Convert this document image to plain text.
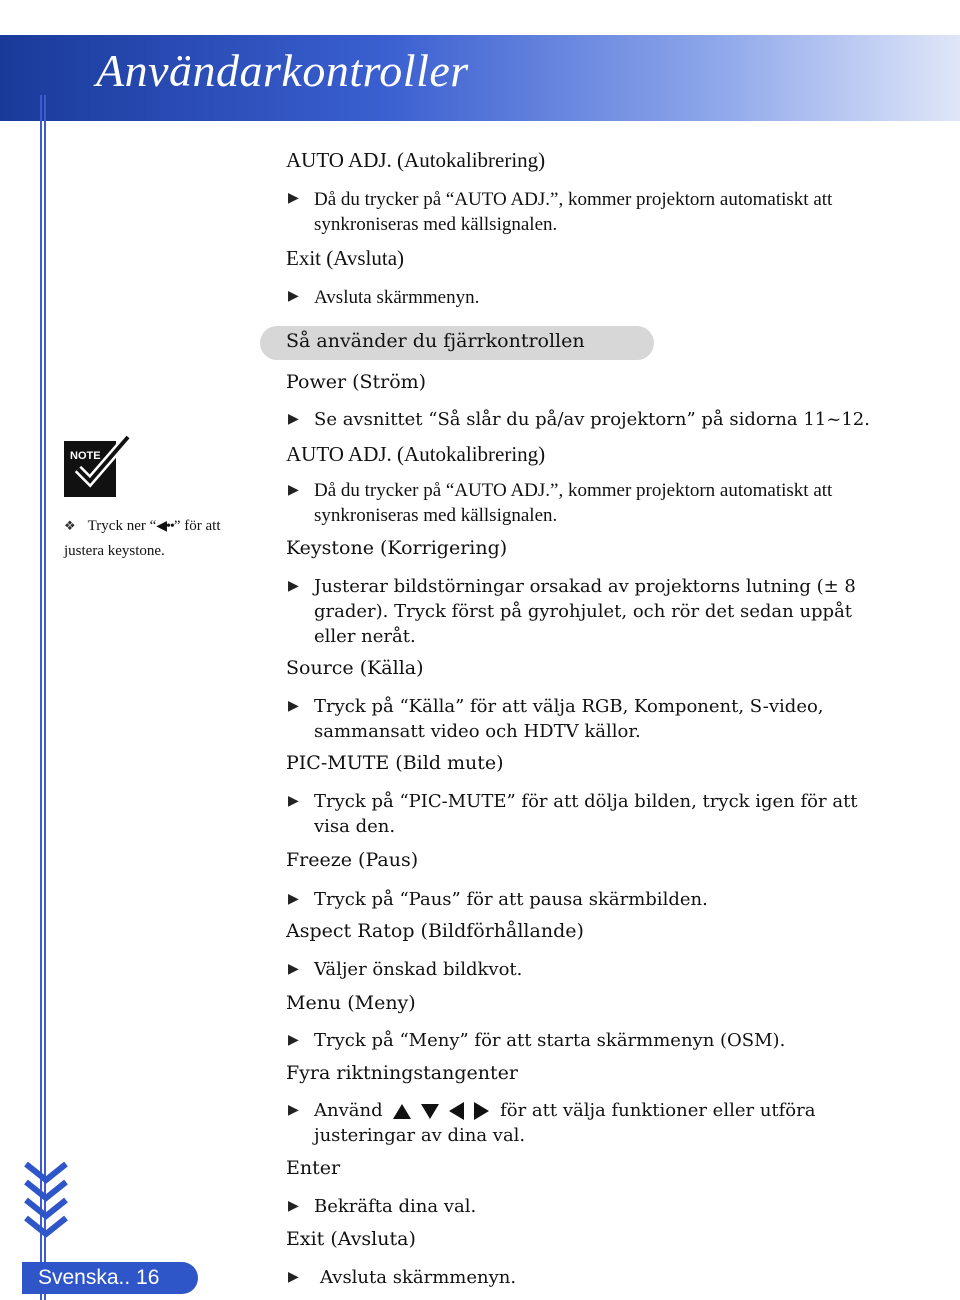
Användarkontroller
NOTE
❖ Tryck ner “◀••” för att justera keystone.
Svenska.. 16
AUTO ADJ. (Autokalibrering)
▶ Då du trycker på “AUTO ADJ.”, kommer projektorn automatiskt att synkroniseras med källsignalen.
Exit (Avsluta)
▶ Avsluta skärmmenyn.
Så använder du fjärrkontrollen
Power (Ström)
▶ Se avsnittet “Så slår du på/av projektorn” på sidorna 11~12.
AUTO ADJ. (Autokalibrering)
▶ Då du trycker på “AUTO ADJ.”, kommer projektorn automatiskt att synkroniseras med källsignalen.
Keystone (Korrigering)
▶ Justerar bildstörningar orsakad av projektorns lutning (± 8 grader). Tryck först på gyrohjulet, och rör det sedan uppåt eller neråt.
Source (Källa)
▶ Tryck på “Källa” för att välja RGB, Komponent, S-video, sammansatt video och HDTV källor.
PIC-MUTE (Bild mute)
▶ Tryck på “PIC-MUTE” för att dölja bilden, tryck igen för att visa den.
Freeze (Paus)
▶ Tryck på “Paus” för att pausa skärmbilden.
Aspect Ratop (Bildförhållande)
▶ Väljer önskad bildkvot.
Menu (Meny)
▶ Tryck på “Meny” för att starta skärmmenyn (OSM).
Fyra riktningstangenter
▶ Använd	för att välja funktioner eller utföra justeringar av dina val.
Enter
▶ Bekräfta dina val.
Exit (Avsluta)
▶ Avsluta skärmmenyn.
